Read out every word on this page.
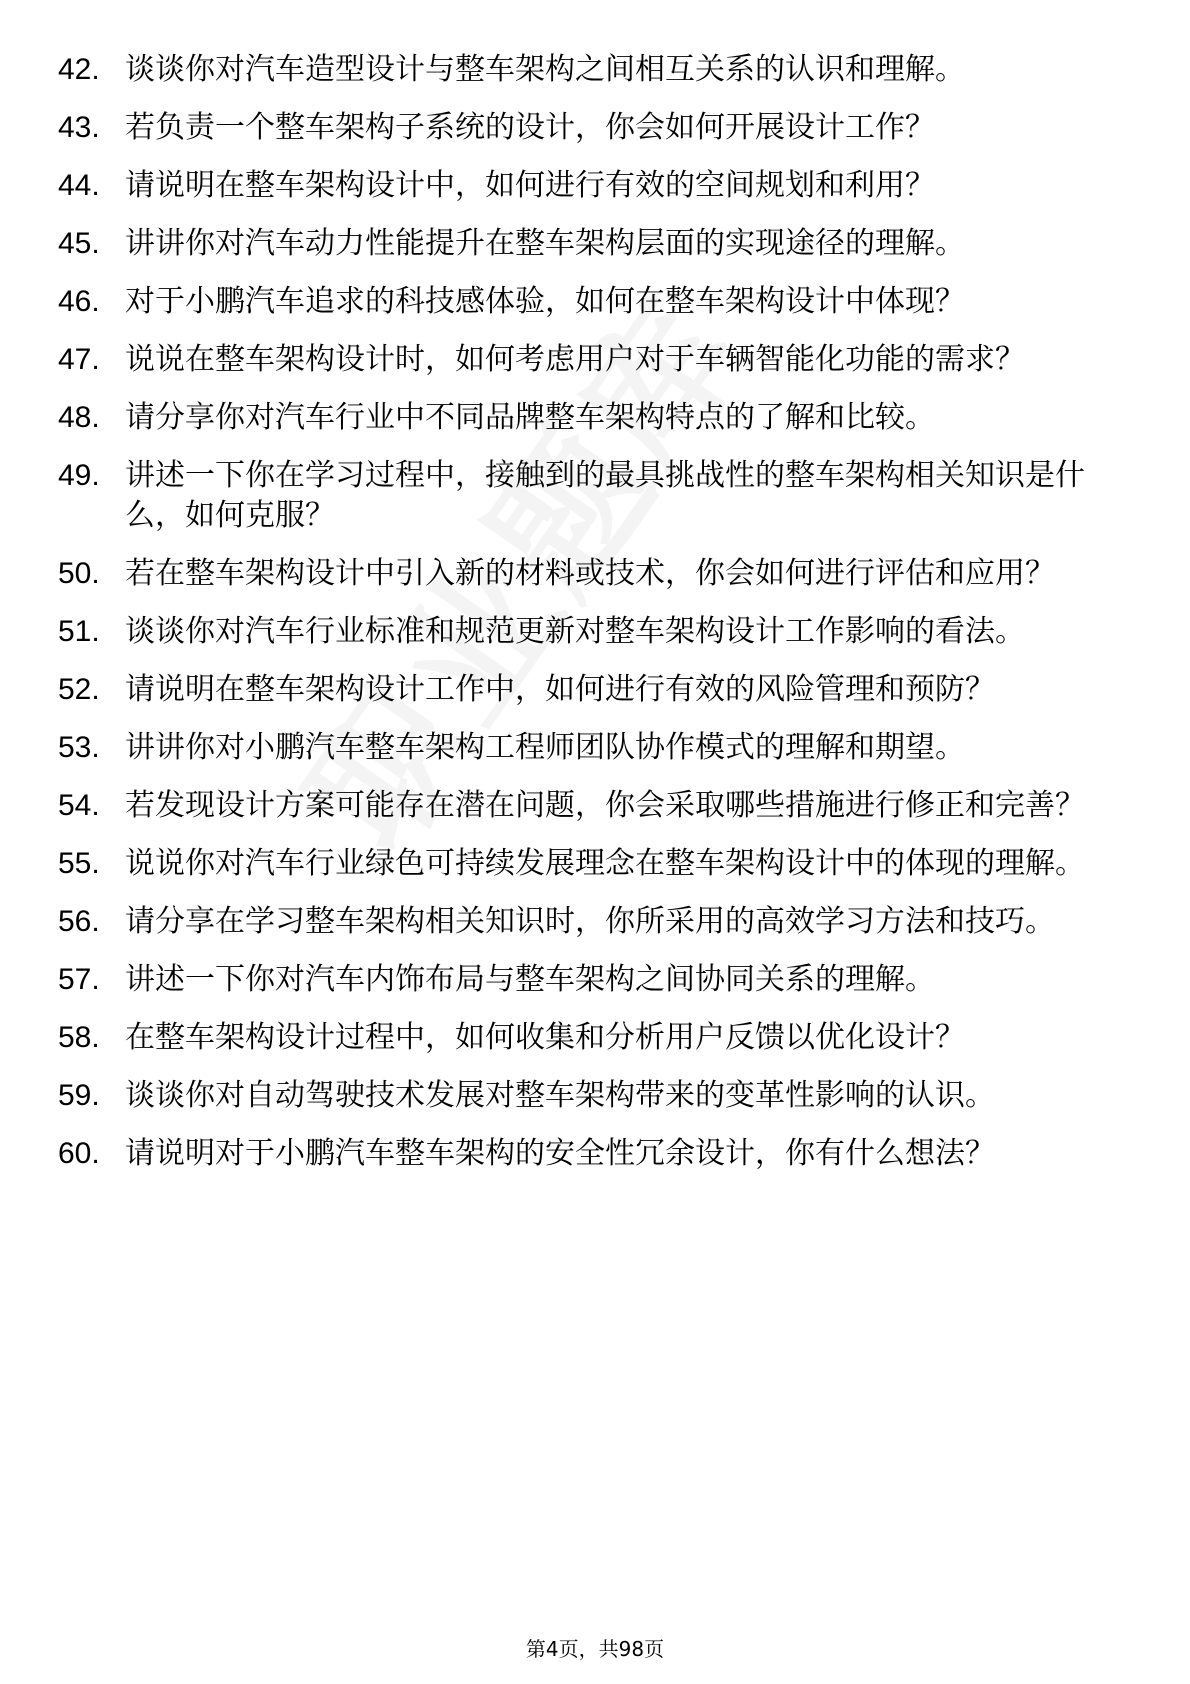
42. 谈谈你对汽车造型设计与整车架构之间相互关系的认识和理解。
43. 若负责一个整车架构子系统的设计，你会如何开展设计工作？
44. 请说明在整车架构设计中，如何进行有效的空间规划和利用？
45. 讲讲你对汽车动力性能提升在整车架构层面的实现途径的理解。
46. 对于小鹏汽车追求的科技感体验，如何在整车架构设计中体现？
47. 说说在整车架构设计时，如何考虑用户对于车辆智能化功能的需求？
48. 请分享你对汽车行业中不同品牌整车架构特点的了解和比较。
49. 讲述一下你在学习过程中，接触到的最具挑战性的整车架构相关知识是什么，如何克服？
50. 若在整车架构设计中引入新的材料或技术，你会如何进行评估和应用？
51. 谈谈你对汽车行业标准和规范更新对整车架构设计工作影响的看法。
52. 请说明在整车架构设计工作中，如何进行有效的风险管理和预防？
53. 讲讲你对小鹏汽车整车架构工程师团队协作模式的理解和期望。
54. 若发现设计方案可能存在潜在问题，你会采取哪些措施进行修正和完善？
55. 说说你对汽车行业绿色可持续发展理念在整车架构设计中的体现的理解。
56. 请分享在学习整车架构相关知识时，你所采用的高效学习方法和技巧。
57. 讲述一下你对汽车内饰布局与整车架构之间协同关系的理解。
58. 在整车架构设计过程中，如何收集和分析用户反馈以优化设计？
59. 谈谈你对自动驾驶技术发展对整车架构带来的变革性影响的认识。
60. 请说明对于小鹏汽车整车架构的安全性冗余设计，你有什么想法？
第4页，共98页
